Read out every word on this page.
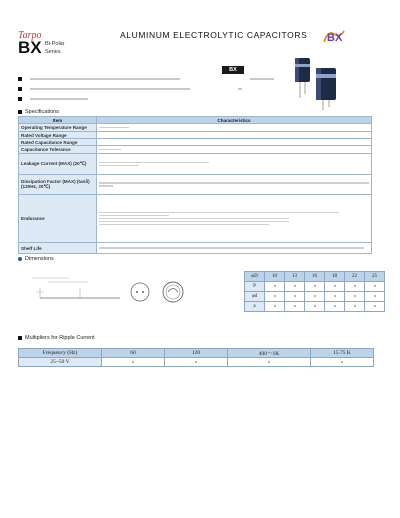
Tarpo	ALUMINUM ELECTROLYTIC CAPACITORS BX
BX Bi-Polar
Series
BX
Specifications
Item	Characteristics
Operating Temperature Range	

Rated Voltage Range	
Rated Capacitance Range	
Capacitance Tolerance	

Leakage Current (MAX) (20℃)	

Dissipation Factor (MAX) (tanδ) (120Hz, 20℃)	

Endurance	

Shelf Life	
Dimensions
φD	10	13	16	18	22	25
P						
φd						
a						
Multipliers for Ripple Current
Frequency (Hz)	60	120	400～1K	15.75 K
25~50 V				
